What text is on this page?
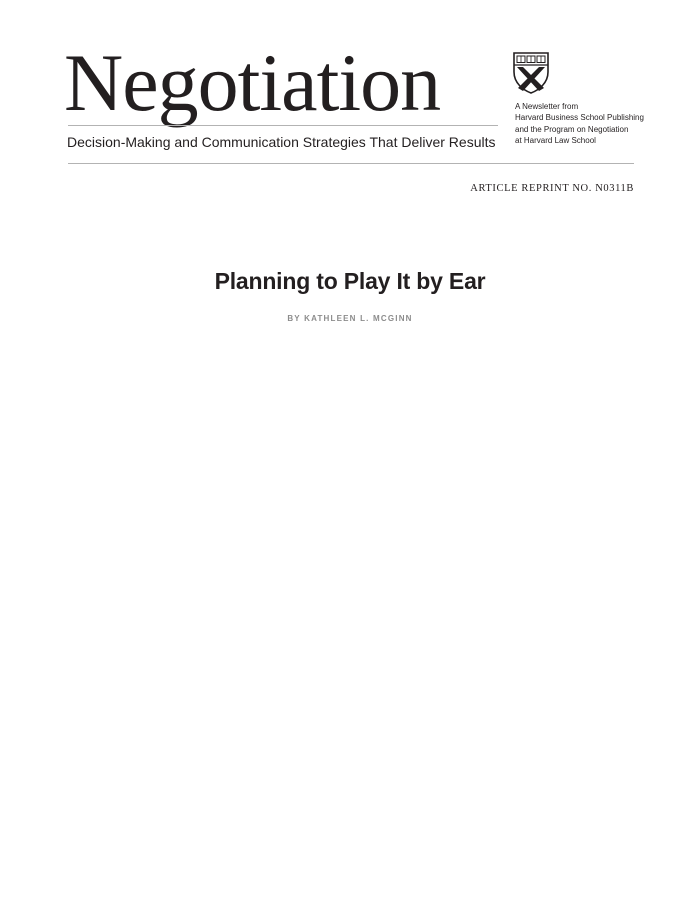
Negotiation
Decision-Making and Communication Strategies That Deliver Results
A Newsletter from
Harvard Business School Publishing
and the Program on Negotiation
at Harvard Law School
ARTICLE REPRINT NO. N0311B
Planning to Play It by Ear
BY KATHLEEN L. MCGINN
